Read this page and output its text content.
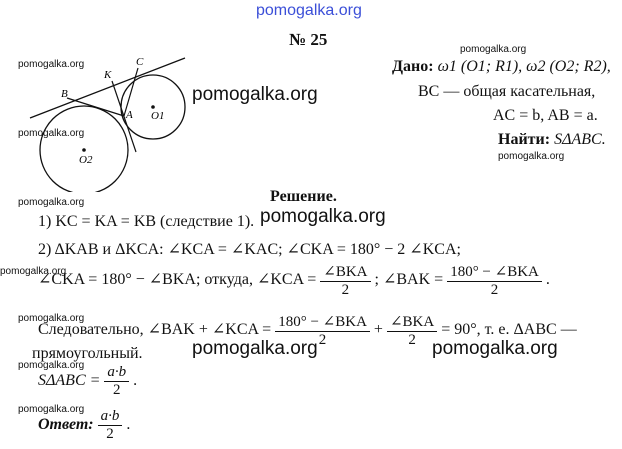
pomogalka.org
№ 25
pomogalka.org
pomogalka.org
pomogalka.org
pomogalka.org
pomogalka.org
pomogalka.org
pomogalka.org
pomogalka.org
pomogalka.org
C
K
B
A O1
O2
pomogalka.org
Дано: ω1 (O1; R1), ω2 (O2; R2),
BC — общая касательная,
AC = b, AB = a.
Найти: SΔABC.
Решение.
pomogalka.org
1) KC = KA = KB (следствие 1).
2) ΔKAB и ΔKCA: ∠KCA = ∠KAC; ∠CKA = 180° − 2 ∠KCA;
∠CKA = 180° − ∠BKA; откуда, ∠KCA = $\frac{\text{∠BKA}}{2}$ ; ∠BAK = $\frac{\text{180° − ∠BKA}}{2}$ .
Следовательно, ∠BAK + ∠KCA = $\frac{\text{180° − ∠BKA}}{2} + \frac{\text{∠BKA}}{2} = 90^\circ$, т. е. ΔABC —
прямоугольный.	pomogalka.org	pomogalka.org
$S\Delta ABC = \frac{a\cdot b}{2}$ .
Ответ: $\frac{a\cdot b}{2}$ .
